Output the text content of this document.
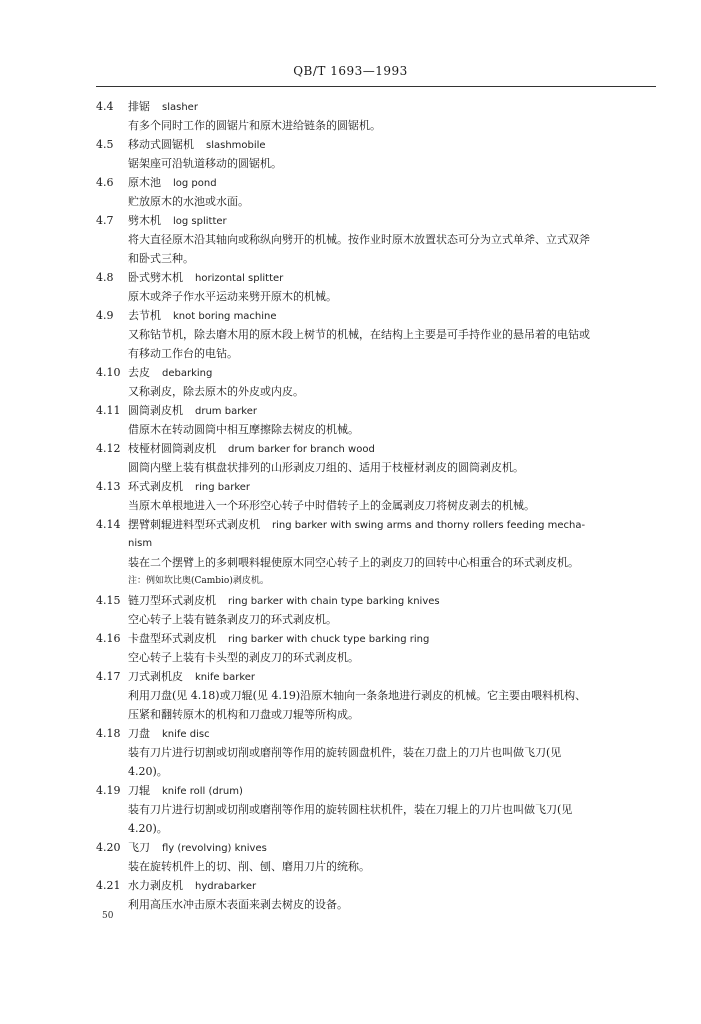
QB/T 1693—1993
4.4 排锯 slasher
有多个同时工作的圆锯片和原木进给链条的圆锯机。
4.5 移动式圆锯机 slashmobile
锯架座可沿轨道移动的圆锯机。
4.6 原木池 log pond
贮放原木的水池或水面。
4.7 劈木机 log splitter
将大直径原木沿其轴向或称纵向劈开的机械。按作业时原木放置状态可分为立式单斧、立式双斧
和卧式三种。
4.8 卧式劈木机 horizontal splitter
原木或斧子作水平运动来劈开原木的机械。
4.9 去节机 knot boring machine
又称钻节机，除去磨木用的原木段上树节的机械，在结构上主要是可手持作业的悬吊着的电钻或
有移动工作台的电钻。
4.10 去皮 debarking
又称剥皮，除去原木的外皮或内皮。
4.11 圆筒剥皮机 drum barker
借原木在转动圆筒中相互摩擦除去树皮的机械。
4.12 枝桠材圆筒剥皮机 drum barker for branch wood
圆筒内壁上装有棋盘状排列的山形剥皮刀组的、适用于枝桠材剥皮的圆筒剥皮机。
4.13 环式剥皮机 ring barker
当原木单根地进入一个环形空心转子中时借转子上的金属剥皮刀将树皮剥去的机械。
4.14 摆臂刺辊进料型环式剥皮机 ring barker with swing arms and thorny rollers feeding mecha-
nism
装在二个摆臂上的多刺喂料辊使原木同空心转子上的剥皮刀的回转中心相重合的环式剥皮机。
注：例如坎比奥(Cambio)剥皮机。
4.15 链刀型环式剥皮机 ring barker with chain type barking knives
空心转子上装有链条剥皮刀的环式剥皮机。
4.16 卡盘型环式剥皮机 ring barker with chuck type barking ring
空心转子上装有卡头型的剥皮刀的环式剥皮机。
4.17 刀式剥机皮 knife barker
利用刀盘(见 4.18)或刀辊(见 4.19)沿原木轴向一条条地进行剥皮的机械。它主要由喂料机构、
压紧和翻转原木的机构和刀盘或刀辊等所构成。
4.18 刀盘 knife disc
装有刀片进行切割或切削或磨削等作用的旋转圆盘机件，装在刀盘上的刀片也叫做飞刀(见
4.20)。
4.19 刀辊 knife roll (drum)
装有刀片进行切割或切削或磨削等作用的旋转圆柱状机件，装在刀辊上的刀片也叫做飞刀(见
4.20)。
4.20 飞刀 fly (revolving) knives
装在旋转机件上的切、削、刨、磨用刀片的统称。
4.21 水力剥皮机 hydrabarker
利用高压水冲击原木表面来剥去树皮的设备。
50
